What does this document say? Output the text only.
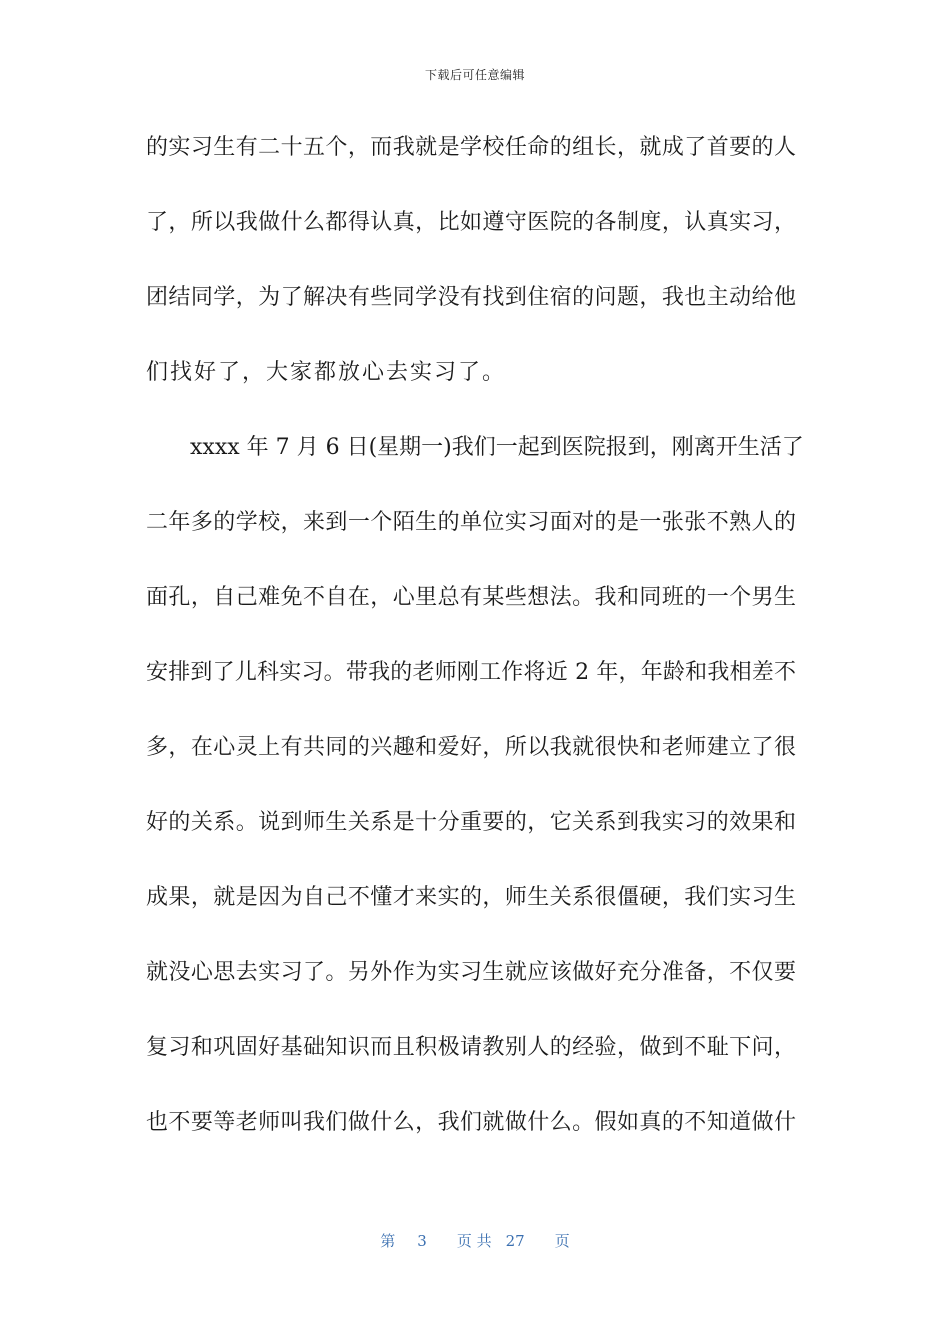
下载后可任意编辑
的实习生有二十五个，而我就是学校任命的组长，就成了首要的人
了，所以我做什么都得认真，比如遵守医院的各制度，认真实习，
团结同学，为了解决有些同学没有找到住宿的问题，我也主动给他
们找好了，大家都放心去实习了。
xxxx 年 7 月 6 日(星期一)我们一起到医院报到，刚离开生活了
二年多的学校，来到一个陌生的单位实习面对的是一张张不熟人的
面孔，自己难免不自在，心里总有某些想法。我和同班的一个男生
安排到了儿科实习。带我的老师刚工作将近 2 年，年龄和我相差不
多，在心灵上有共同的兴趣和爱好，所以我就很快和老师建立了很
好的关系。说到师生关系是十分重要的，它关系到我实习的效果和
成果，就是因为自己不懂才来实的，师生关系很僵硬，我们实习生
就没心思去实习了。另外作为实习生就应该做好充分准备，不仅要
复习和巩固好基础知识而且积极请教别人的经验，做到不耻下问，
也不要等老师叫我们做什么，我们就做什么。假如真的不知道做什
第 3 页 共 27 页
